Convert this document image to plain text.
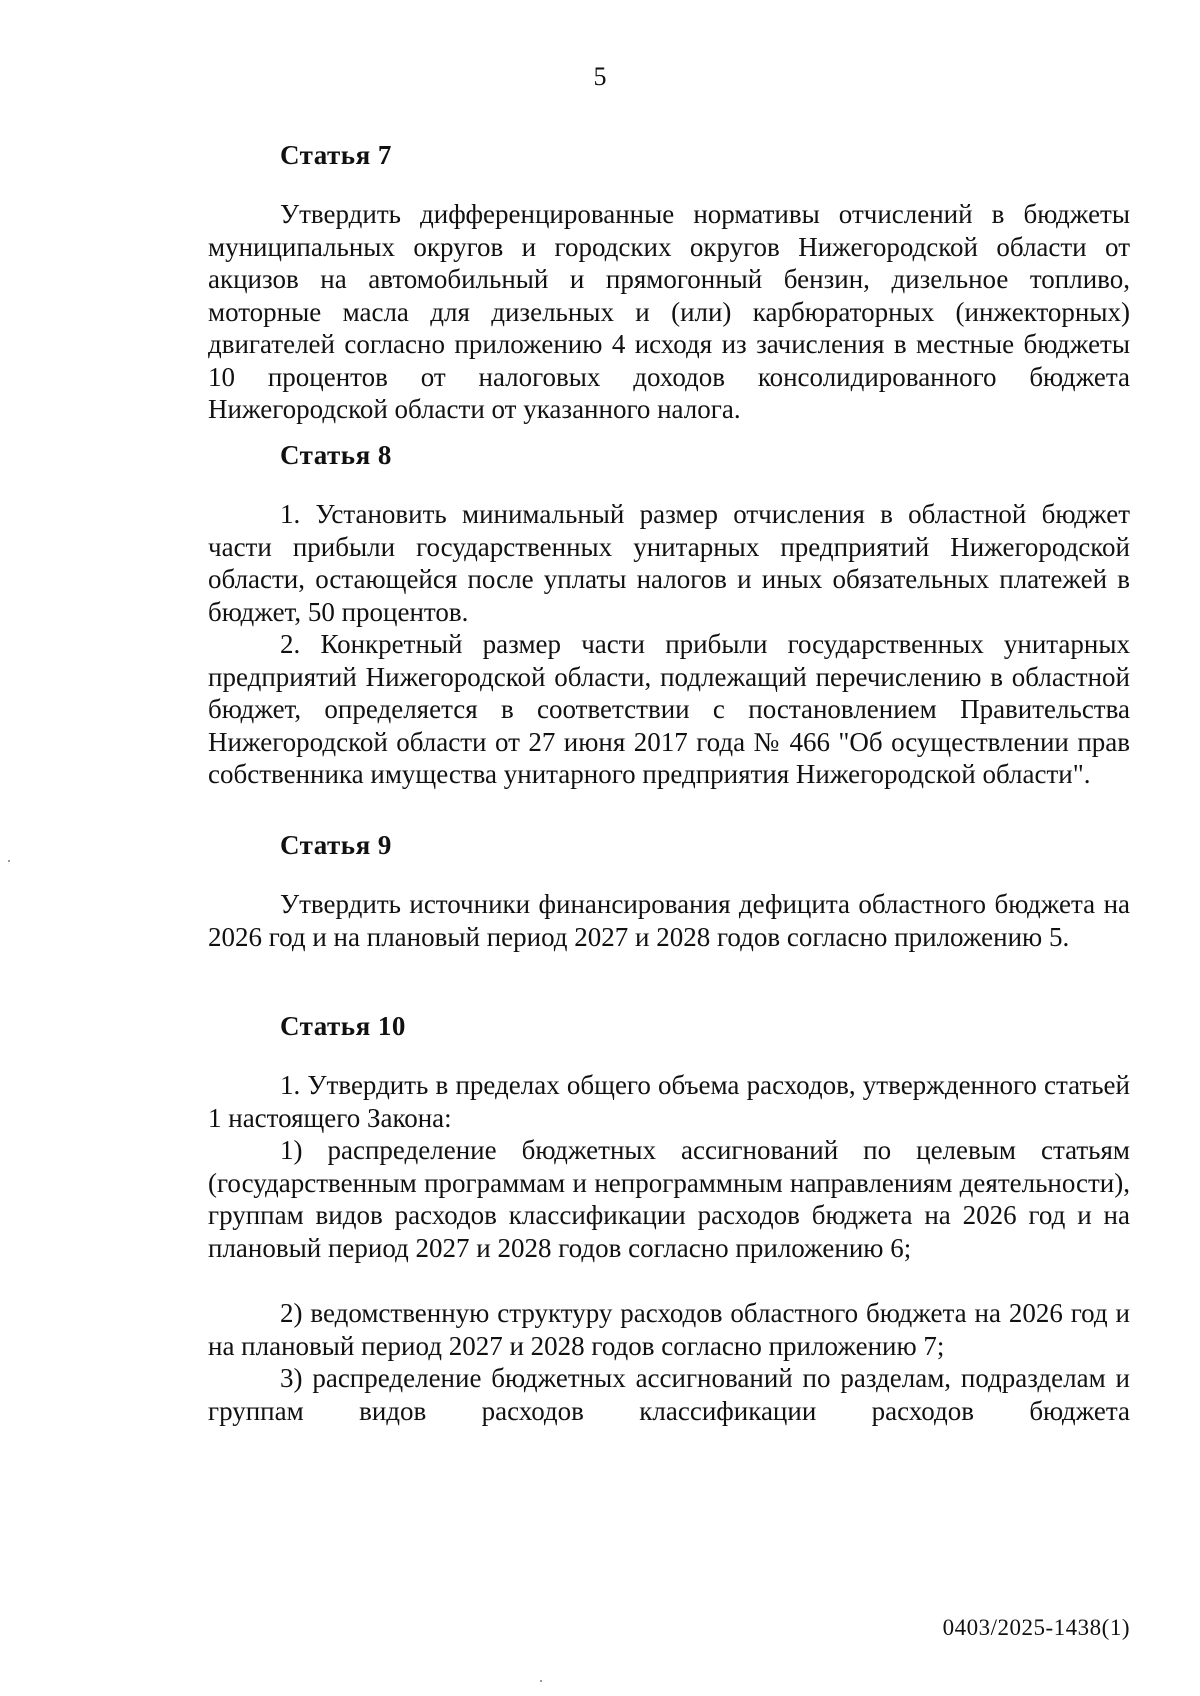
5
Статья 7
Утвердить дифференцированные нормативы отчислений в бюджеты муниципальных округов и городских округов Нижегородской области от акцизов на автомобильный и прямогонный бензин, дизельное топливо, моторные масла для дизельных и (или) карбюраторных (инжекторных) двигателей согласно приложению 4 исходя из зачисления в местные бюджеты 10 процентов от налоговых доходов консолидированного бюджета Нижегородской области от указанного налога.
Статья 8
1. Установить минимальный размер отчисления в областной бюджет части прибыли государственных унитарных предприятий Нижегородской области, остающейся после уплаты налогов и иных обязательных платежей в бюджет, 50 процентов.
2. Конкретный размер части прибыли государственных унитарных предприятий Нижегородской области, подлежащий перечислению в областной бюджет, определяется в соответствии с постановлением Правительства Нижегородской области от 27 июня 2017 года № 466 "Об осуществлении прав собственника имущества унитарного предприятия Нижегородской области".
Статья 9
Утвердить источники финансирования дефицита областного бюджета на 2026 год и на плановый период 2027 и 2028 годов согласно приложению 5.
Статья 10
1. Утвердить в пределах общего объема расходов, утвержденного статьей 1 настоящего Закона:
1) распределение бюджетных ассигнований по целевым статьям (государственным программам и непрограммным направлениям деятельности), группам видов расходов классификации расходов бюджета на 2026 год и на плановый период 2027 и 2028 годов согласно приложению 6;
2) ведомственную структуру расходов областного бюджета на 2026 год и на плановый период 2027 и 2028 годов согласно приложению 7;
3) распределение бюджетных ассигнований по разделам, подразделам и группам видов расходов классификации расходов бюджета
0403/2025-1438(1)
